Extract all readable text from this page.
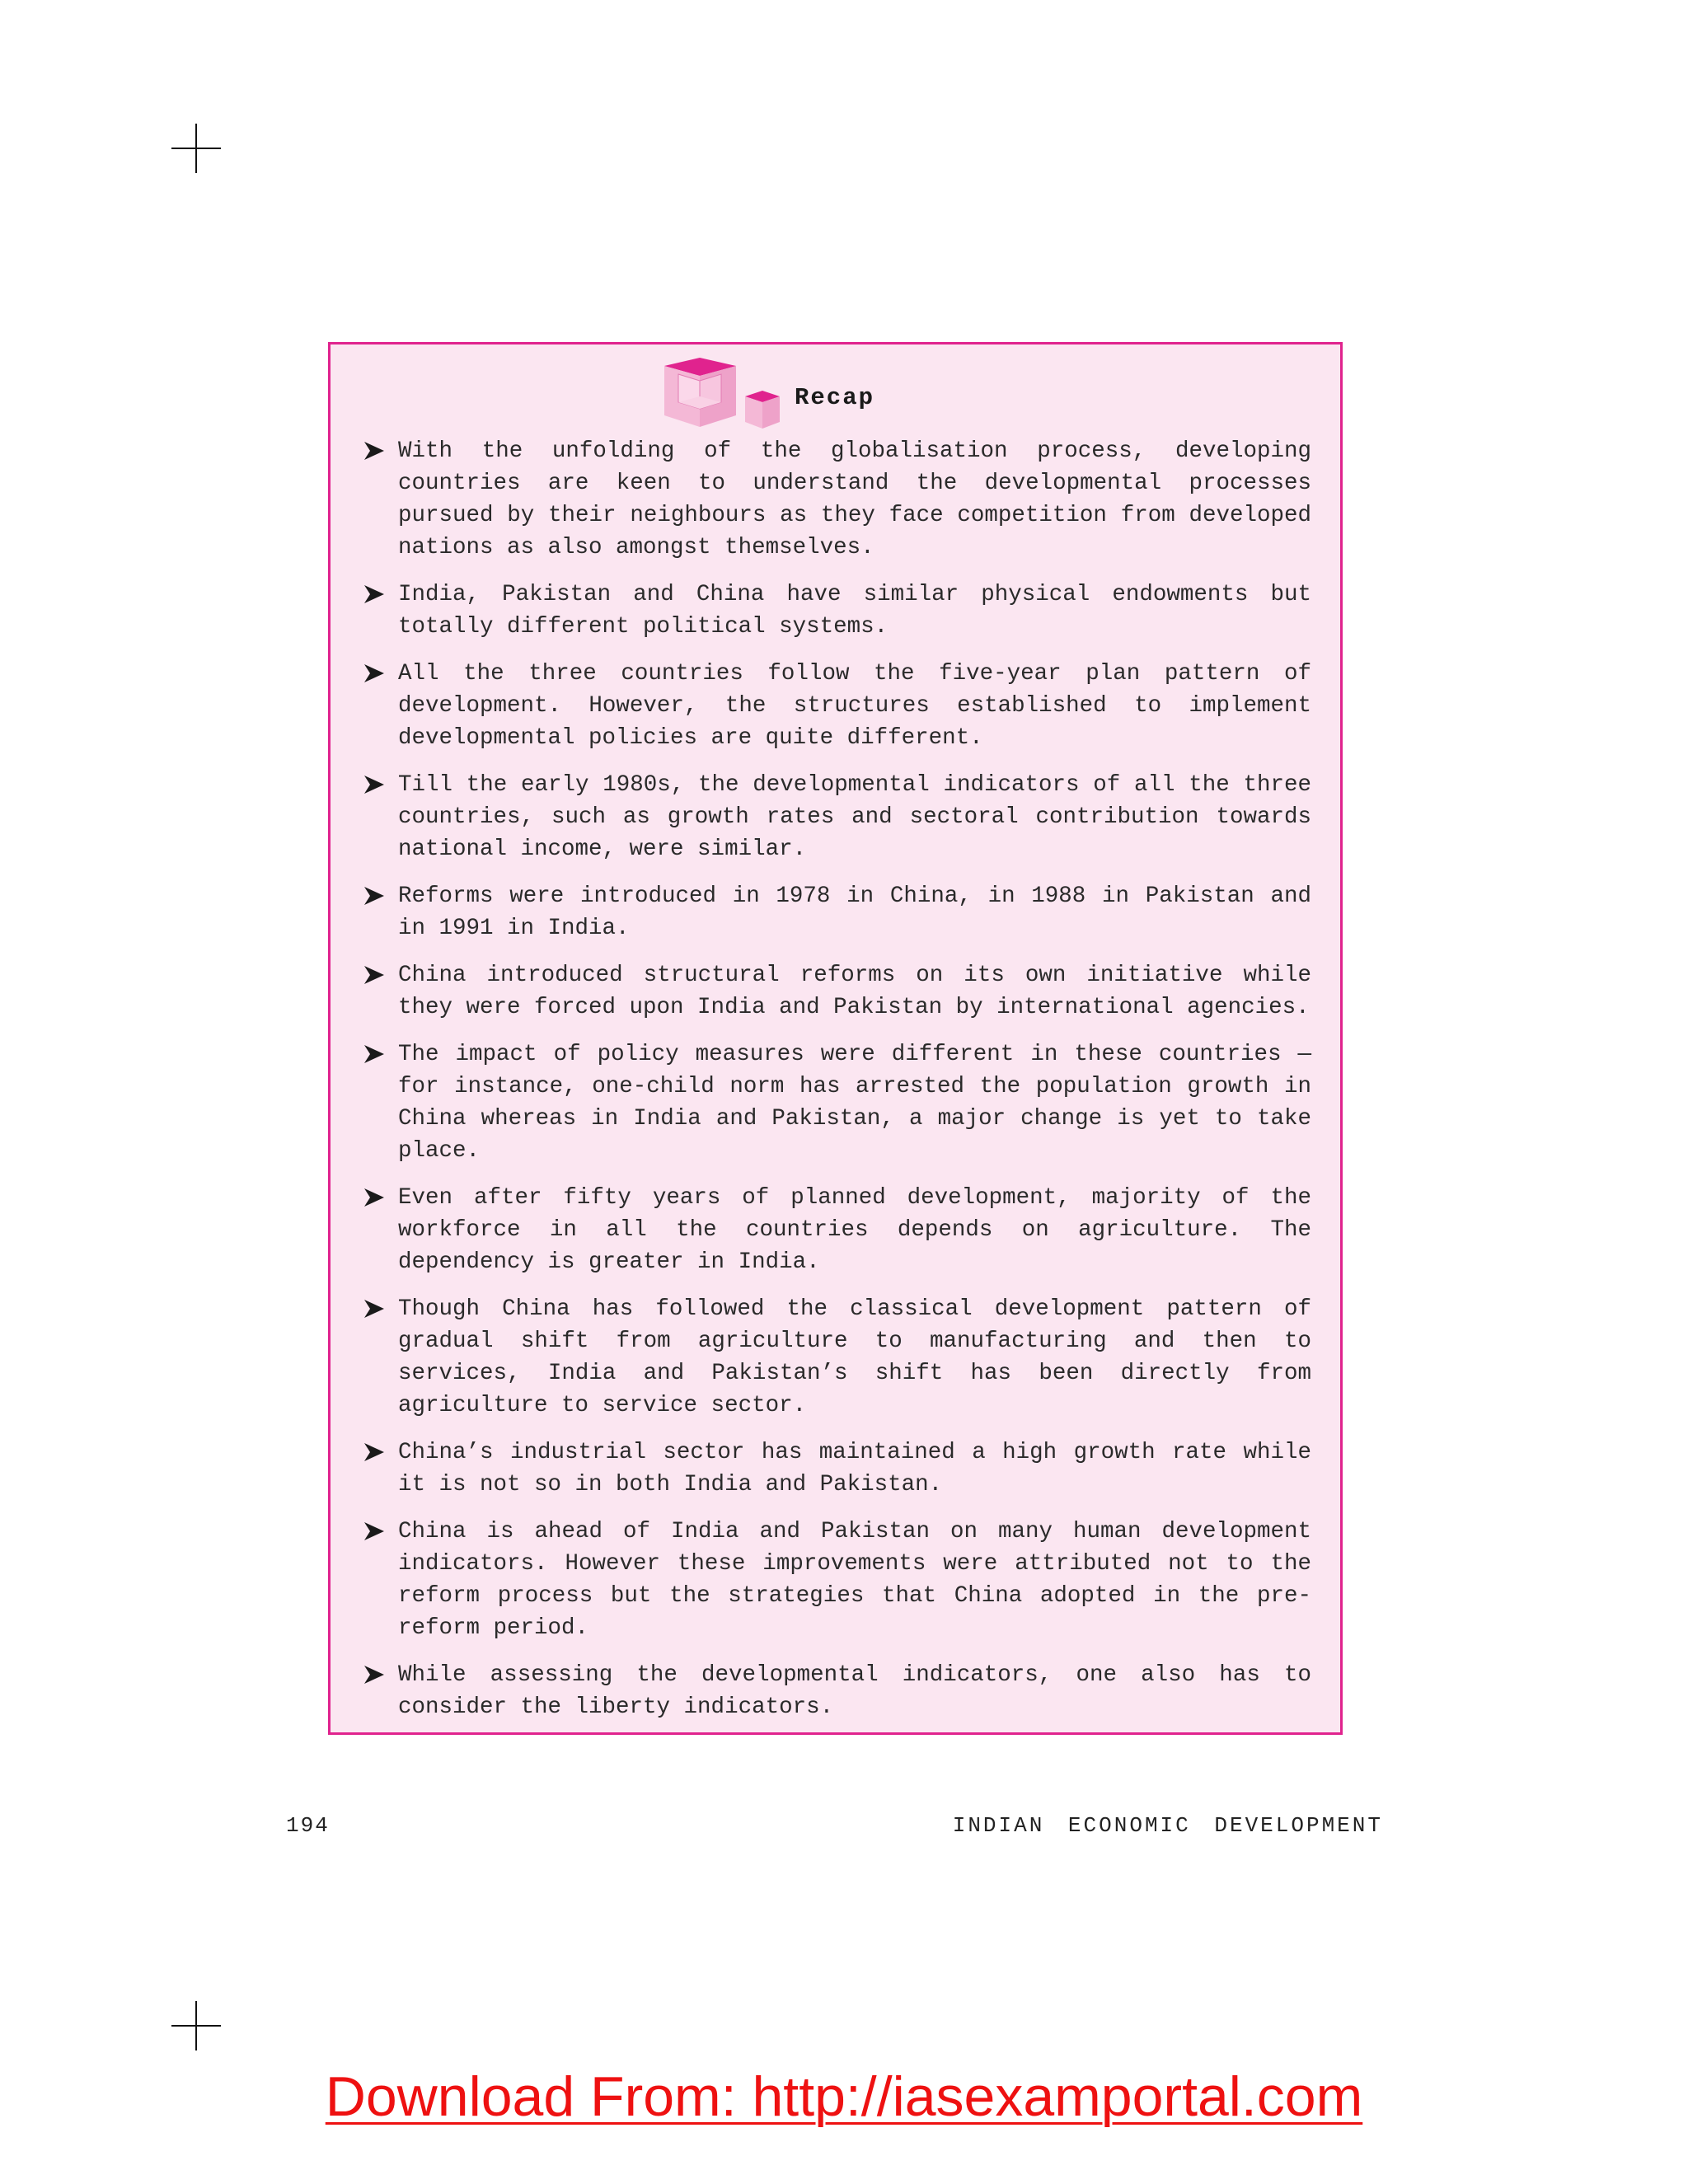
Recap
With the unfolding of the globalisation process, developing countries are keen to understand the developmental processes pursued by their neighbours as they face competition from developed nations as also amongst themselves.
India, Pakistan and China have similar physical endowments but totally different political systems.
All the three countries follow the five-year plan pattern of development. However, the structures established to implement developmental policies are quite different.
Till the early 1980s, the developmental indicators of all the three countries, such as growth rates and sectoral contribution towards national income, were similar.
Reforms were introduced in 1978 in China, in 1988 in Pakistan and in 1991 in India.
China introduced structural reforms on its own initiative while they were forced upon India and Pakistan by international agencies.
The impact of policy measures were different in these countries — for instance, one-child norm has arrested the population growth in China whereas in India and Pakistan, a major change is yet to take place.
Even after fifty years of planned development, majority of the workforce in all the countries depends on agriculture. The dependency is greater in India.
Though China has followed the classical development pattern of gradual shift from agriculture to manufacturing and then to services, India and Pakistan’s shift has been directly from agriculture to service sector.
China’s industrial sector has maintained a high growth rate while it is not so in both India and Pakistan.
China is ahead of India and Pakistan on many human development indicators. However these improvements were attributed not to the reform process but the strategies that China adopted in the pre-reform period.
While assessing the developmental indicators, one also has to consider the liberty indicators.
194	INDIAN ECONOMIC DEVELOPMENT
Download From: http://iasexamportal.com
